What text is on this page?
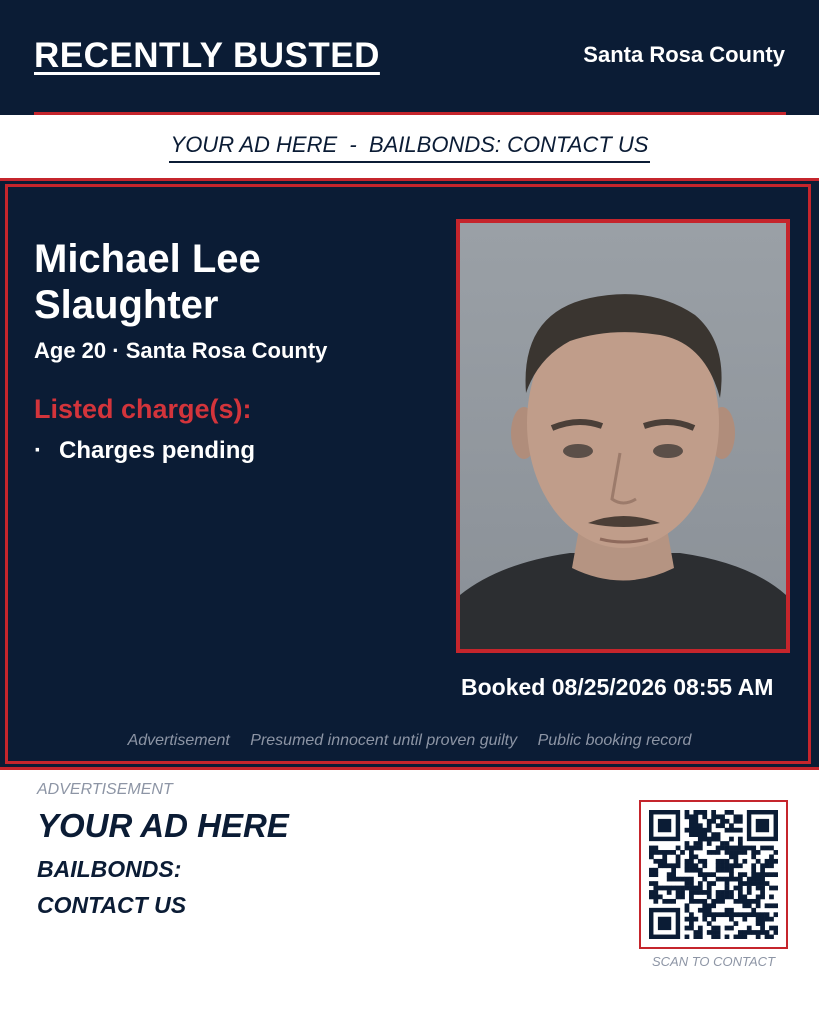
RECENTLY BUSTED	Santa Rosa County
YOUR AD HERE  -  BAILBONDS: CONTACT US
Michael Lee Slaughter
Age 20 · Santa Rosa County
Listed charge(s):
· Charges pending
Booked 08/25/2026 08:55 AM
Advertisement Presumed innocent until proven guilty Public booking record
ADVERTISEMENT
YOUR AD HERE
BAILBONDS:
CONTACT US
SCAN TO CONTACT
